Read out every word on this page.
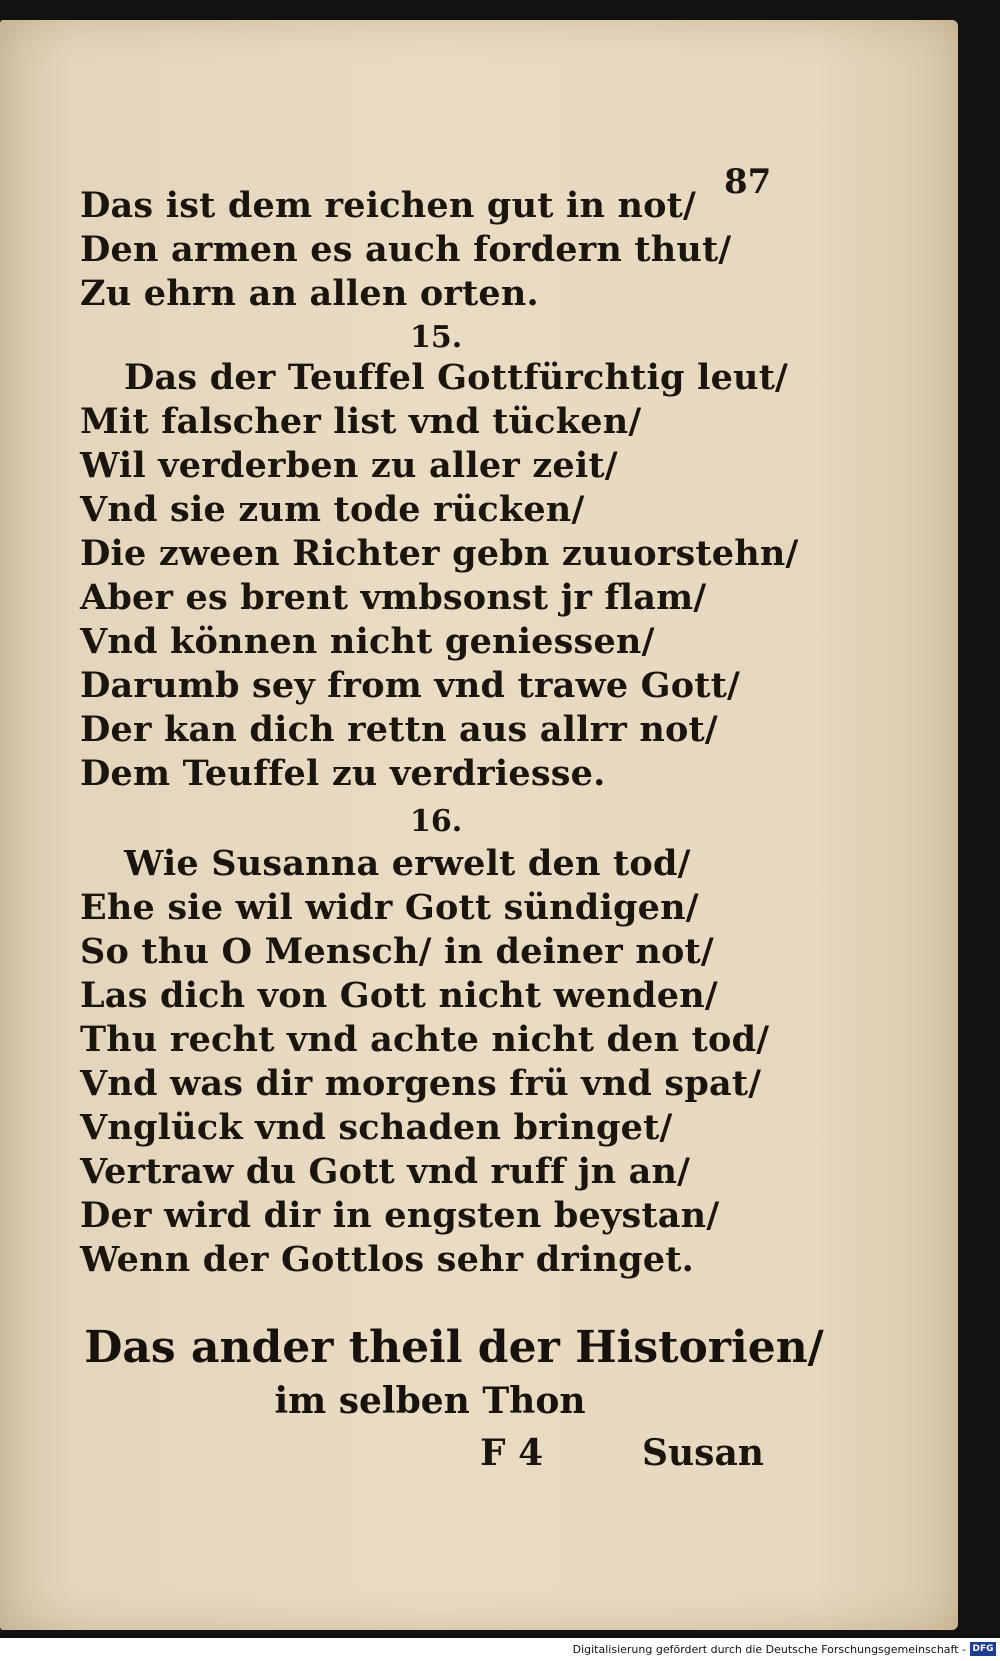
87
Das ist dem reichen gut in not/
Den armen es auch fordern thut/
Zu ehrn an allen orten.
15.
Das der Teuffel Gottfürchtig leut/
Mit falscher list vnd tücken/
Wil verderben zu aller zeit/
Vnd sie zum tode rücken/
Die zween Richter gebn zuuorstehn/
Aber es brent vmbsonst jr flam/
Vnd können nicht geniessen/
Darumb sey from vnd trawe Gott/
Der kan dich rettn aus allrr not/
Dem Teuffel zu verdriesse.
16.
Wie Susanna erwelt den tod/
Ehe sie wil widr Gott sündigen/
So thu O Mensch/ in deiner not/
Las dich von Gott nicht wenden/
Thu recht vnd achte nicht den tod/
Vnd was dir morgens frü vnd spat/
Vnglück vnd schaden bringet/
Vertraw du Gott vnd ruff jn an/
Der wird dir in engsten beystan/
Wenn der Gottlos sehr dringet.
Das ander theil der Historien/
im selben Thon
F 4	Susan
Digitalisierung gefördert durch die Deutsche Forschungsgemeinschaft - DFG
